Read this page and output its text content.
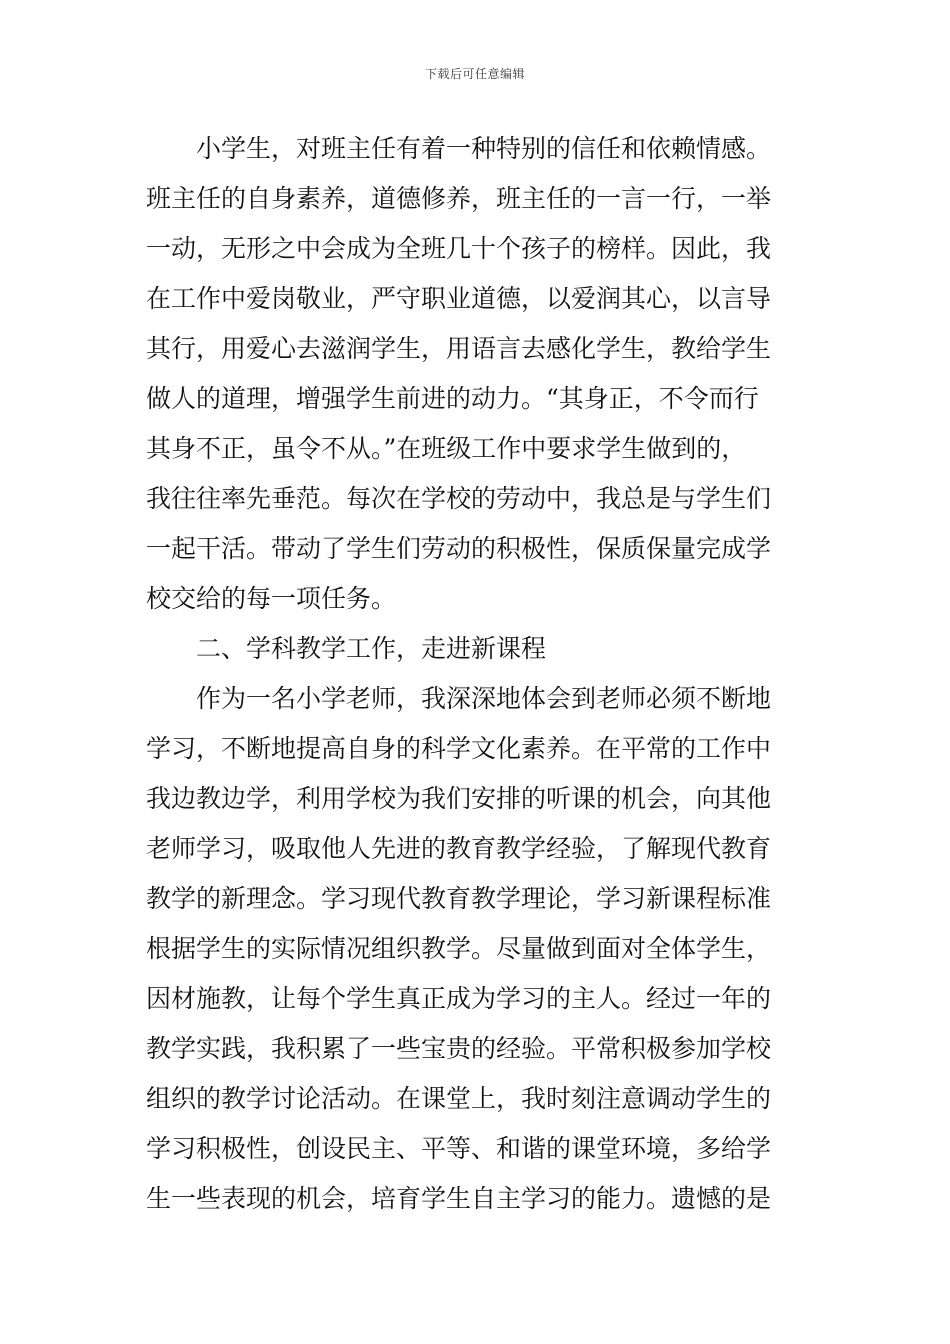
下载后可任意编辑
小学生，对班主任有着一种特别的信任和依赖情感。
班主任的自身素养，道德修养，班主任的一言一行，一举
一动，无形之中会成为全班几十个孩子的榜样。因此，我
在工作中爱岗敬业，严守职业道德，以爱润其心，以言导
其行，用爱心去滋润学生，用语言去感化学生，教给学生
做人的道理，增强学生前进的动力。“其身正，不令而行
其身不正，虽令不从。”在班级工作中要求学生做到的，
我往往率先垂范。每次在学校的劳动中，我总是与学生们
一起干活。带动了学生们劳动的积极性，保质保量完成学
校交给的每一项任务。
二、学科教学工作，走进新课程
作为一名小学老师，我深深地体会到老师必须不断地
学习，不断地提高自身的科学文化素养。在平常的工作中
我边教边学，利用学校为我们安排的听课的机会，向其他
老师学习，吸取他人先进的教育教学经验，了解现代教育
教学的新理念。学习现代教育教学理论，学习新课程标准
根据学生的实际情况组织教学。尽量做到面对全体学生，
因材施教，让每个学生真正成为学习的主人。经过一年的
教学实践，我积累了一些宝贵的经验。平常积极参加学校
组织的教学讨论活动。在课堂上，我时刻注意调动学生的
学习积极性，创设民主、平等、和谐的课堂环境，多给学
生一些表现的机会，培育学生自主学习的能力。遗憾的是
